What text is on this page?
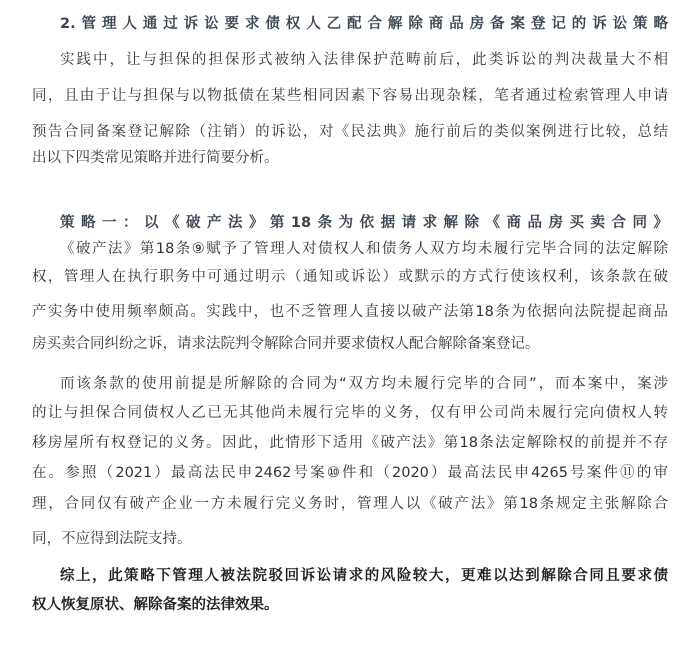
2.管理人通过诉讼要求债权人乙配合解除商品房备案登记的诉讼策略
实践中，让与担保的担保形式被纳入法律保护范畴前后，此类诉讼的判决裁量大不相
同，且由于让与担保与以物抵债在某些相同因素下容易出现杂糅，笔者通过检索管理人申请
预告合同备案登记解除（注销）的诉讼，对《民法典》施行前后的类似案例进行比较，总结
出以下四类常见策略并进行简要分析。
策略一：以《破产法》第18条为依据请求解除《商品房买卖合同》
《破产法》第18条⑨赋予了管理人对债权人和债务人双方均未履行完毕合同的法定解除
权，管理人在执行职务中可通过明示（通知或诉讼）或默示的方式行使该权利，该条款在破
产实务中使用频率颇高。实践中，也不乏管理人直接以破产法第18条为依据向法院提起商品
房买卖合同纠纷之诉，请求法院判令解除合同并要求债权人配合解除备案登记。
而该条款的使用前提是所解除的合同为“双方均未履行完毕的合同”，而本案中，案涉
的让与担保合同债权人乙已无其他尚未履行完毕的义务，仅有甲公司尚未履行完向债权人转
移房屋所有权登记的义务。因此，此情形下适用《破产法》第18条法定解除权的前提并不存
在。参照（2021）最高法民申2462号案⑩件和（2020）最高法民申4265号案件⑪的审
理，合同仅有破产企业一方未履行完义务时，管理人以《破产法》第18条规定主张解除合
同，不应得到法院支持。
综上，此策略下管理人被法院驳回诉讼请求的风险较大，更难以达到解除合同且要求债
权人恢复原状、解除备案的法律效果。
